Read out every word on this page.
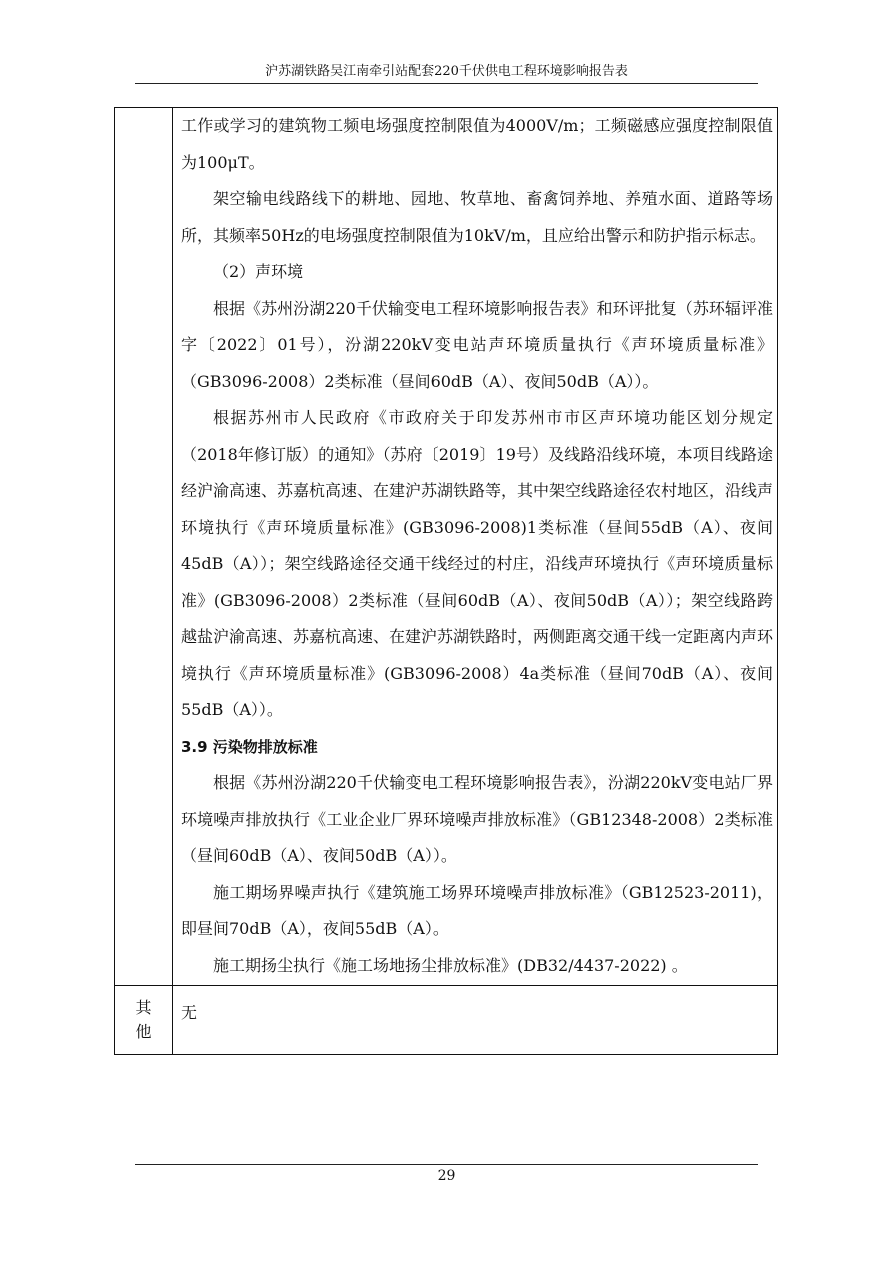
沪苏湖铁路吴江南牵引站配套220千伏供电工程环境影响报告表

工作或学习的建筑物工频电场强度控制限值为4000V/m；工频磁感应强度控制限值为100μT。

架空输电线路线下的耕地、园地、牧草地、畜禽饲养地、养殖水面、道路等场所，其频率50Hz的电场强度控制限值为10kV/m，且应给出警示和防护指示标志。

（2）声环境

根据《苏州汾湖220千伏输变电工程环境影响报告表》和环评批复（苏环辐评准字〔2022〕01号），汾湖220kV变电站声环境质量执行《声环境质量标准》（GB3096-2008）2类标准（昼间60dB（A）、夜间50dB（A））。

根据苏州市人民政府《市政府关于印发苏州市市区声环境功能区划分规定（2018年修订版）的通知》（苏府〔2019〕19号）及线路沿线环境，本项目线路途经沪渝高速、苏嘉杭高速、在建沪苏湖铁路等，其中架空线路途径农村地区，沿线声环境执行《声环境质量标准》(GB3096-2008)1类标准（昼间55dB（A）、夜间45dB（A））；架空线路途径交通干线经过的村庄，沿线声环境执行《声环境质量标准》(GB3096-2008）2类标准（昼间60dB（A）、夜间50dB（A））；架空线路跨越盐沪渝高速、苏嘉杭高速、在建沪苏湖铁路时，两侧距离交通干线一定距离内声环境执行《声环境质量标准》(GB3096-2008）4a类标准（昼间70dB（A）、夜间55dB（A））。

3.9 污染物排放标准

根据《苏州汾湖220千伏输变电工程环境影响报告表》，汾湖220kV变电站厂界环境噪声排放执行《工业企业厂界环境噪声排放标准》（GB12348-2008）2类标准（昼间60dB（A）、夜间50dB（A））。

施工期场界噪声执行《建筑施工场界环境噪声排放标准》（GB12523-2011)，即昼间70dB（A），夜间55dB（A）。

施工期扬尘执行《施工场地扬尘排放标准》(DB32/4437-2022) 。

其
他
无
29
